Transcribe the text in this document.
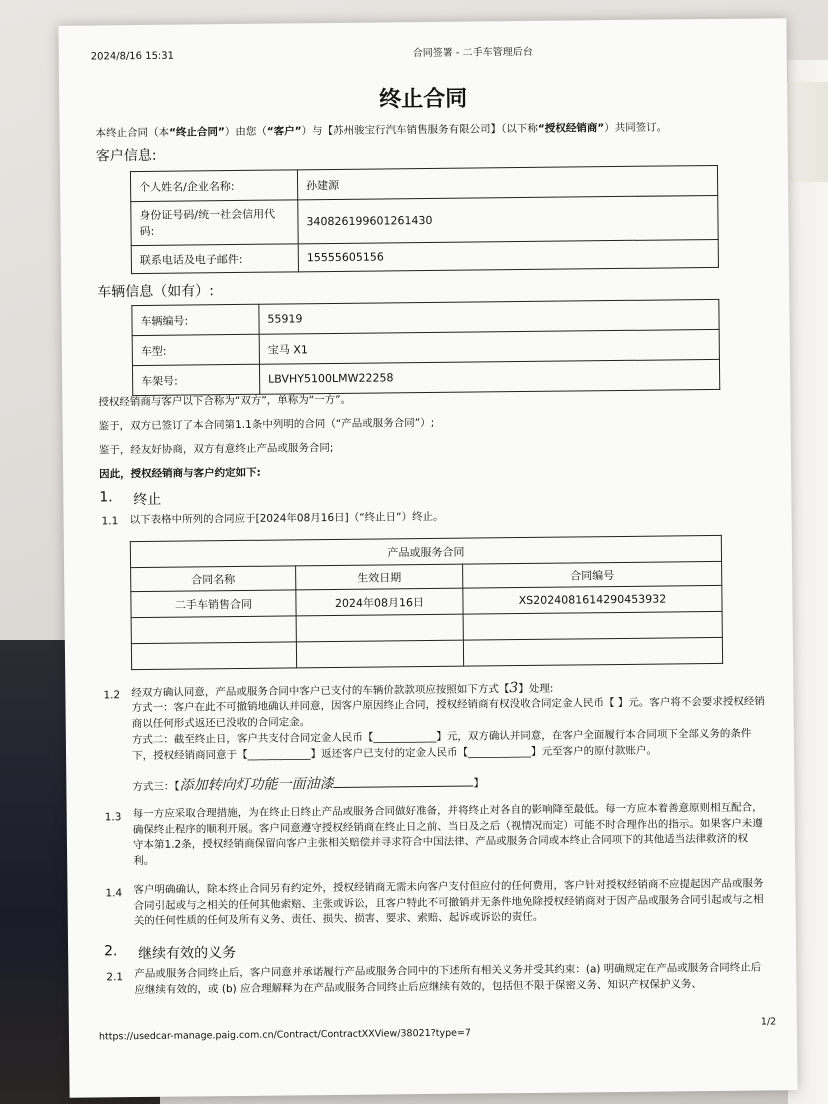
2024/8/16 15:31	合同签署 - 二手车管理后台
终止合同
本终止合同（本“终止合同”）由您（“客户”）与【苏州骏宝行汽车销售服务有限公司】（以下称“授权经销商”）共同签订。
客户信息:
个人姓名/企业名称:	孙建源
身份证号码/统一社会信用代码:	340826199601261430
联系电话及电子邮件:	15555605156
车辆信息（如有）:
车辆编号:	55919
车型:	宝马 X1
车架号:	LBVHY5100LMW22258
授权经销商与客户以下合称为“双方”，单称为“一方”。
鉴于，双方已签订了本合同第1.1条中列明的合同（“产品或服务合同”）;
鉴于，经友好协商，双方有意终止产品或服务合同;
因此，授权经销商与客户约定如下:
1. 终止
1.1 以下表格中所列的合同应于[2024年08月16日]（“终止日”）终止。
产品或服务合同		
合同名称	生效日期	合同编号
二手车销售合同	2024年08月16日	XS2024081614290453932

1.2 经双方确认同意，产品或服务合同中客户已支付的车辆价款款项应按照如下方式【3】处理:
方式一：客户在此不可撤销地确认并同意，因客户原因终止合同，授权经销商有权没收合同定金人民币【 】元。客户将不会要求授权经销商以任何形式返还已没收的合同定金。
方式二：截至终止日，客户共支付合同定金人民币【____________】元，双方确认并同意，在客户全面履行本合同项下全部义务的条件下，授权经销商同意于【____________】返还客户已支付的定金人民币【____________】元至客户的原付款账户。
方式三：【添加转向灯功能一面油漆	】
1.3 每一方应采取合理措施，为在终止日终止产品或服务合同做好准备，并将终止对各自的影响降至最低。每一方应本着善意原则相互配合，确保终止程序的顺利开展。客户同意遵守授权经销商在终止日之前、当日及之后（视情况而定）可能不时合理作出的指示。如果客户未遵守本第1.2条，授权经销商保留向客户主张相关赔偿并寻求符合中国法律、产品或服务合同或本终止合同项下的其他适当法律救济的权利。
1.4 客户明确确认，除本终止合同另有约定外，授权经销商无需未向客户支付但应付的任何费用，客户针对授权经销商不应提起因产品或服务合同引起或与之相关的任何其他索赔、主张或诉讼，且客户特此不可撤销并无条件地免除授权经销商对于因产品或服务合同引起或与之相关的任何性质的任何及所有义务、责任、损失、损害、要求、索赔、起诉或诉讼的责任。
2. 继续有效的义务
2.1 产品或服务合同终止后，客户同意并承诺履行产品或服务合同中的下述所有相关义务并受其约束：(a) 明确规定在产品或服务合同终止后应继续有效的，或 (b) 应合理解释为在产品或服务合同终止后应继续有效的，包括但不限于保密义务、知识产权保护义务、
https://usedcar-manage.paig.com.cn/Contract/ContractXXView/38021?type=7
1/2
